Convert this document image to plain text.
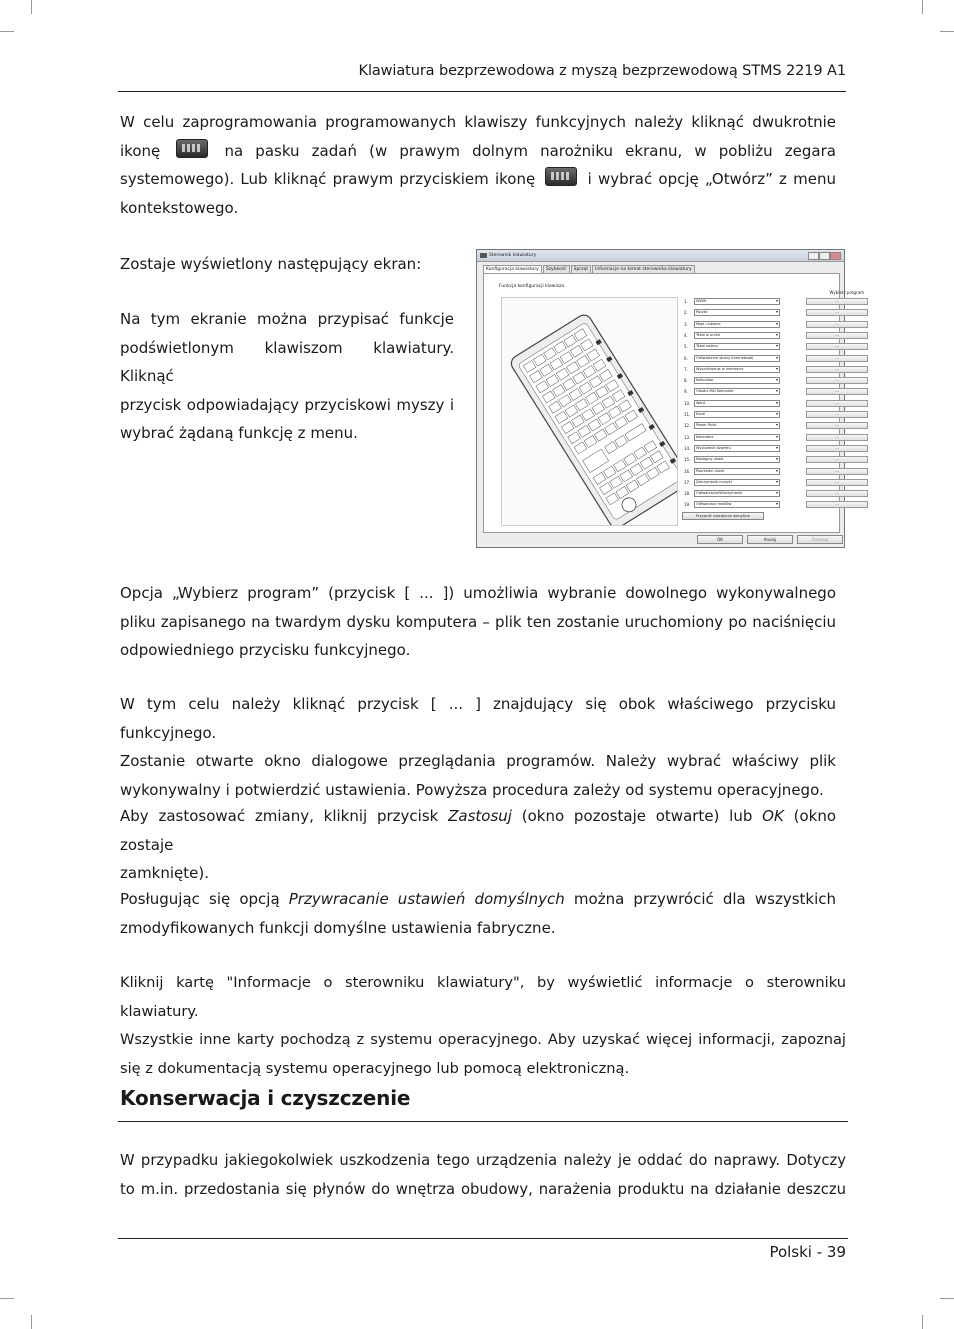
Klawiatura bezprzewodowa z myszą bezprzewodową STMS 2219 A1
W celu zaprogramowania programowanych klawiszy funkcyjnych należy kliknąć dwukrotnie
ikonę	na pasku zadań (w prawym dolnym narożniku ekranu, w pobliżu zegara
systemowego). Lub kliknąć prawym przyciskiem ikonę	i wybrać opcję „Otwórz” z menu
kontekstowego.

Zostaje wyświetlony następujący ekran:

Na tym ekranie można przypisać funkcje
podświetlonym klawiszom klawiatury. Kliknąć
przycisk odpowiadający przyciskowi myszy i
wybrać żądaną funkcję z menu.
Sterownik klawiatury
Konfiguracja klawiatury	Szybkość	Sprzęt	Informacje na temat sterownika klawiatury
Funkcja konfiguracji klawisza
Wybierz program
1.	WWW ▾	...
2.	Poczta ▾	...
3.	Moje ulubione ▾	...
4.	Tekst w przód ▾	...
5.	Tekst wstecz ▾	...
6.	Odświeżenie strony internetowej ▾	...
7.	Wyszukiwanie w Internecie ▾	...
8.	Kalkulator ▾	...
9.	Otwórz Mój Komputer ▾	...
10.	Word ▾	...
11.	Excel ▾	...
12.	Power Point ▾	...
13.	Kalendarz ▾	...
14.	Wyciszenie dźwięku ▾	...
15.	Następny utwór ▾	...
16.	Poprzedni utwór ▾	...
17.	Zatrzymanie muzyki ▾	...
18.	Odtwarzanie/Wstrzymanie ▾	...
19.	Odtwarzacz mediów ▾	...
Przywróć ustawienia domyślne
OK	Anuluj	Zastosuj
Opcja „Wybierz program” (przycisk [ ... ]) umożliwia wybranie dowolnego wykonywalnego
pliku zapisanego na twardym dysku komputera – plik ten zostanie uruchomiony po naciśnięciu
odpowiedniego przycisku funkcyjnego.
W tym celu należy kliknąć przycisk [ ... ] znajdujący się obok właściwego przycisku funkcyjnego.
Zostanie otwarte okno dialogowe przeglądania programów. Należy wybrać właściwy plik
wykonywalny i potwierdzić ustawienia. Powyższa procedura zależy od systemu operacyjnego.
Aby zastosować zmiany, kliknij przycisk Zastosuj (okno pozostaje otwarte) lub OK (okno zostaje
zamknięte).
Posługując się opcją Przywracanie ustawień domyślnych można przywrócić dla wszystkich
zmodyfikowanych funkcji domyślne ustawienia fabryczne.
Kliknij kartę "Informacje o sterowniku klawiatury", by wyświetlić informacje o sterowniku klawiatury.
Wszystkie inne karty pochodzą z systemu operacyjnego. Aby uzyskać więcej informacji, zapoznaj
się z dokumentacją systemu operacyjnego lub pomocą elektroniczną.
Konserwacja i czyszczenie
W przypadku jakiegokolwiek uszkodzenia tego urządzenia należy je oddać do naprawy. Dotyczy
to m.in. przedostania się płynów do wnętrza obudowy, narażenia produktu na działanie deszczu
Polski - 39
